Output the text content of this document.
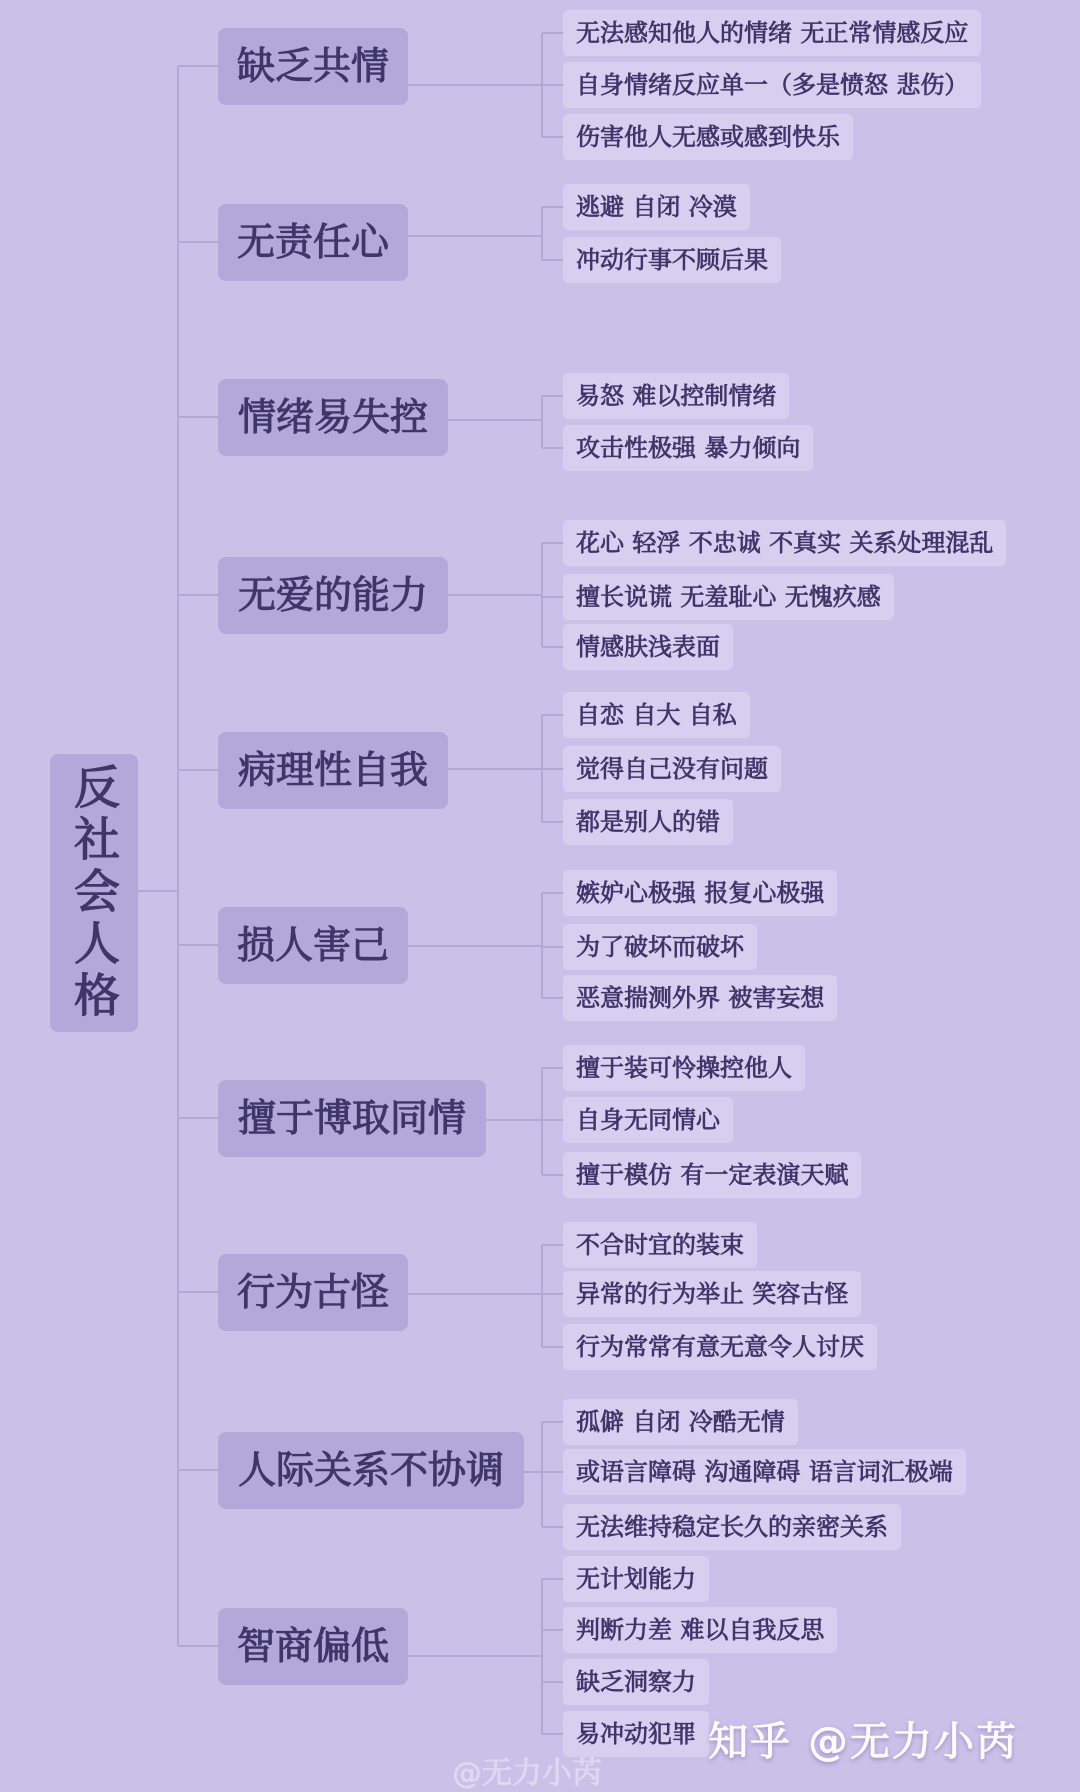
反社会人格
缺乏共情
无责任心
情绪易失控
无爱的能力
病理性自我
损人害己
擅于博取同情
行为古怪
人际关系不协调
智商偏低
无法感知他人的情绪 无正常情感反应
自身情绪反应单一（多是愤怒 悲伤）
伤害他人无感或感到快乐
逃避 自闭 冷漠
冲动行事不顾后果
易怒 难以控制情绪
攻击性极强 暴力倾向
花心 轻浮 不忠诚 不真实 关系处理混乱
擅长说谎 无羞耻心 无愧疚感
情感肤浅表面
自恋 自大 自私
觉得自己没有问题
都是别人的错
嫉妒心极强 报复心极强
为了破坏而破坏
恶意揣测外界 被害妄想
擅于装可怜操控他人
自身无同情心
擅于模仿 有一定表演天赋
不合时宜的装束
异常的行为举止 笑容古怪
行为常常有意无意令人讨厌
孤僻 自闭 冷酷无情
或语言障碍 沟通障碍 语言词汇极端
无法维持稳定长久的亲密关系
无计划能力
判断力差 难以自我反思
缺乏洞察力
易冲动犯罪
@无力小芮
知乎 @无力小芮
